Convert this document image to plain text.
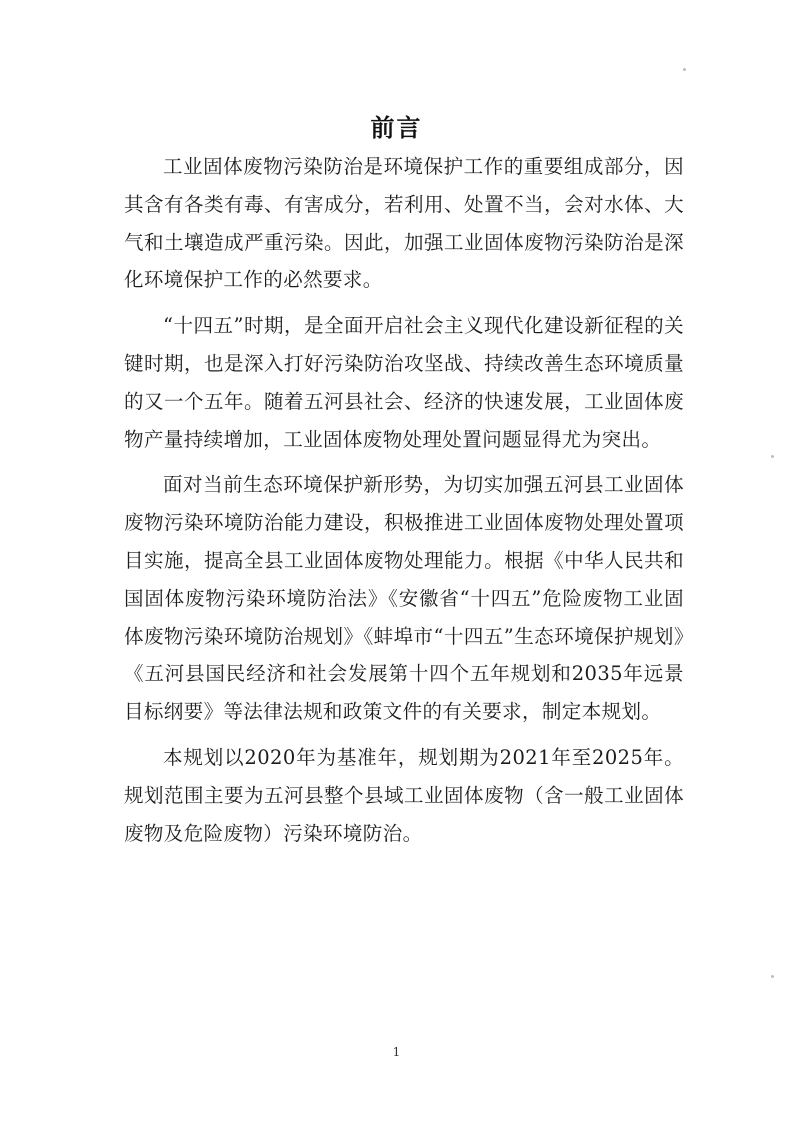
前言

工业固体废物污染防治是环境保护工作的重要组成部分，因其含有各类有毒、有害成分，若利用、处置不当，会对水体、大气和土壤造成严重污染。因此，加强工业固体废物污染防治是深化环境保护工作的必然要求。

“十四五”时期，是全面开启社会主义现代化建设新征程的关键时期，也是深入打好污染防治攻坚战、持续改善生态环境质量的又一个五年。随着五河县社会、经济的快速发展，工业固体废物产量持续增加，工业固体废物处理处置问题显得尤为突出。

面对当前生态环境保护新形势，为切实加强五河县工业固体废物污染环境防治能力建设，积极推进工业固体废物处理处置项目实施，提高全县工业固体废物处理能力。根据《中华人民共和国固体废物污染环境防治法》《安徽省“十四五”危险废物工业固体废物污染环境防治规划》《蚌埠市“十四五”生态环境保护规划》《五河县国民经济和社会发展第十四个五年规划和2035年远景目标纲要》等法律法规和政策文件的有关要求，制定本规划。

本规划以2020年为基准年，规划期为2021年至2025年。规划范围主要为五河县整个县域工业固体废物（含一般工业固体废物及危险废物）污染环境防治。

1
